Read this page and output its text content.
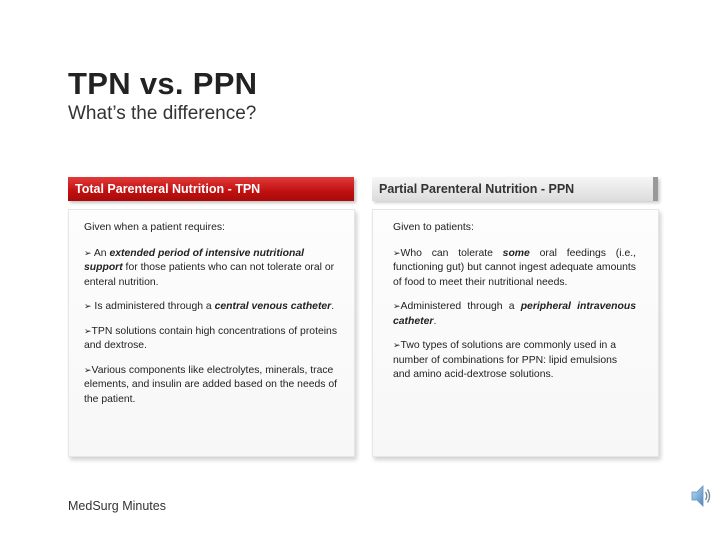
TPN vs. PPN
What’s the difference?
Total Parenteral Nutrition - TPN	Partial Parenteral Nutrition - PPN

Given when a patient requires:

➢ An extended period of intensive nutritional support for those patients who can not tolerate oral or enteral nutrition.

➢ Is administered through a central venous catheter.

➢TPN solutions contain high concentrations of proteins and dextrose.

➢Various components like electrolytes, minerals, trace elements, and insulin are added based on the needs of the patient.

Given to patients:

➢Who can tolerate some oral feedings (i.e., functioning gut) but cannot ingest adequate amounts of food to meet their nutritional needs.

➢Administered through a peripheral intravenous catheter.

➢Two types of solutions are commonly used in a number of combinations for PPN: lipid emulsions and amino acid-dextrose solutions.

MedSurg Minutes
